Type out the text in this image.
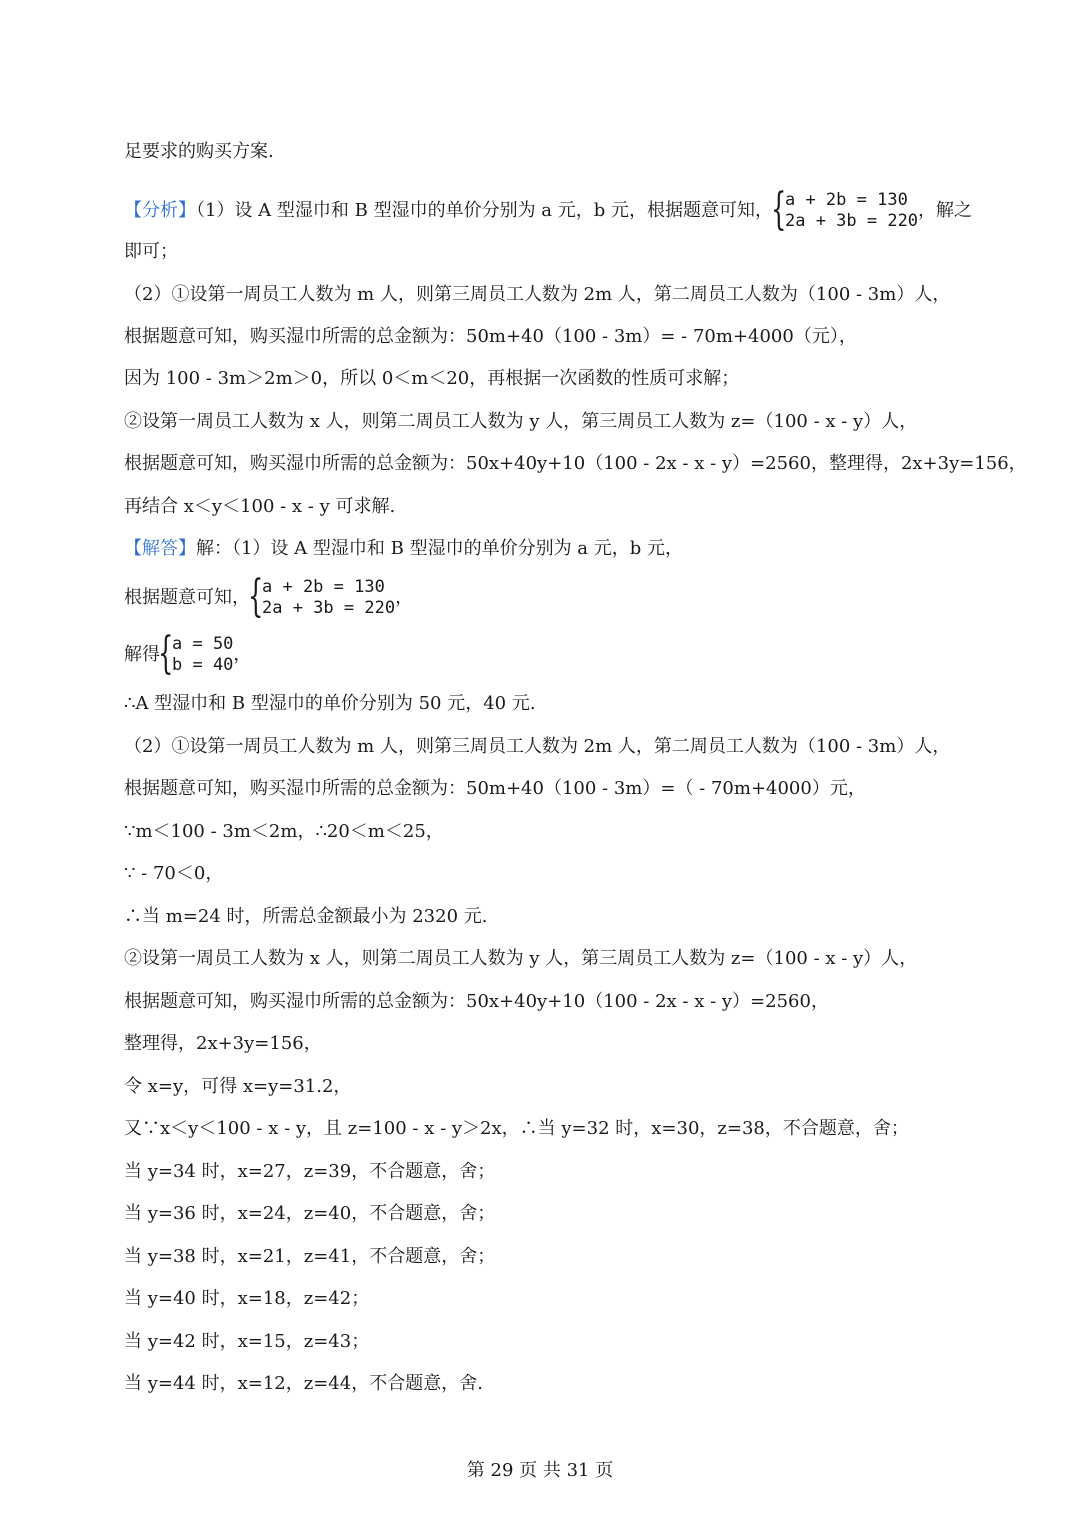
足要求的购买方案.
【分析】（1）设 A 型湿巾和 B 型湿巾的单价分别为 a 元，b 元，根据题意可知， { a + 2b = 130
2a + 3b = 220 ，解之
即可；
（2）①设第一周员工人数为 m 人，则第三周员工人数为 2m 人，第二周员工人数为（100 - 3m）人，
根据题意可知，购买湿巾所需的总金额为：50m+40（100 - 3m）= - 70m+4000（元），
因为 100 - 3m＞2m＞0，所以 0＜m＜20，再根据一次函数的性质可求解；
②设第一周员工人数为 x 人，则第二周员工人数为 y 人，第三周员工人数为 z=（100 - x - y）人，
根据题意可知，购买湿巾所需的总金额为：50x+40y+10（100 - 2x - x - y）=2560，整理得，2x+3y=156，
再结合 x＜y＜100 - x - y 可求解.
【解答】解：（1）设 A 型湿巾和 B 型湿巾的单价分别为 a 元，b 元，
根据题意可知， { a + 2b = 130
2a + 3b = 220 ，
解得 { a = 50
b = 40 ，
∴A 型湿巾和 B 型湿巾的单价分别为 50 元，40 元.
（2）①设第一周员工人数为 m 人，则第三周员工人数为 2m 人，第二周员工人数为（100 - 3m）人，
根据题意可知，购买湿巾所需的总金额为：50m+40（100 - 3m）=（ - 70m+4000）元，
∵m＜100 - 3m＜2m，∴20＜m＜25，
∵ - 70＜0，
∴当 m=24 时，所需总金额最小为 2320 元.
②设第一周员工人数为 x 人，则第二周员工人数为 y 人，第三周员工人数为 z=（100 - x - y）人，
根据题意可知，购买湿巾所需的总金额为：50x+40y+10（100 - 2x - x - y）=2560，
整理得，2x+3y=156，
令 x=y，可得 x=y=31.2，
又∵x＜y＜100 - x - y，且 z=100 - x - y＞2x，∴当 y=32 时，x=30，z=38，不合题意，舍；
当 y=34 时，x=27，z=39，不合题意，舍；
当 y=36 时，x=24，z=40，不合题意，舍；
当 y=38 时，x=21，z=41，不合题意，舍；
当 y=40 时，x=18，z=42；
当 y=42 时，x=15，z=43；
当 y=44 时，x=12，z=44，不合题意，舍.
第 29 页 共 31 页
